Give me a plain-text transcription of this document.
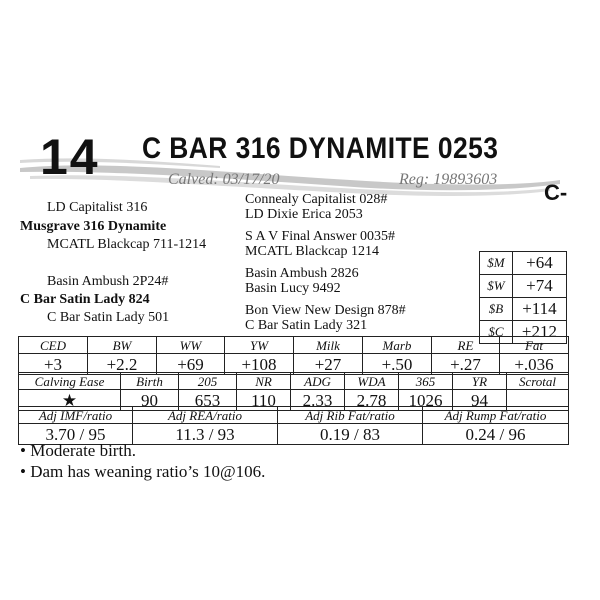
14 C BAR 316 DYNAMITE 0253
Calved: 03/17/20	Reg: 19893603
C-
LD Capitalist 316
Musgrave 316 Dynamite
MCATL Blackcap 711-1214
Connealy Capitalist 028#
LD Dixie Erica 2053
S A V Final Answer 0035#
MCATL Blackcap 1214
Basin Ambush 2P24#
C Bar Satin Lady 824
C Bar Satin Lady 501
Basin Ambush 2826
Basin Lucy 9492
Bon View New Design 878#
C Bar Satin Lady 321
$M	+64
$W	+74
$B	+114
$C	+212
CED	BW	WW	YW	Milk	Marb	RE	Fat
+3	+2.2	+69	+108	+27	+.50	+.27	+.036
Calving Ease	Birth	205	NR	ADG	WDA	365	YR	Scrotal
★	90	653	110	2.33	2.78	1026	94	
Adj IMF/ratio	Adj REA/ratio	Adj Rib Fat/ratio	Adj Rump Fat/ratio
3.70 / 95	11.3 / 93	0.19 / 83	0.24 / 96
• Moderate birth.
• Dam has weaning ratio’s 10@106.
